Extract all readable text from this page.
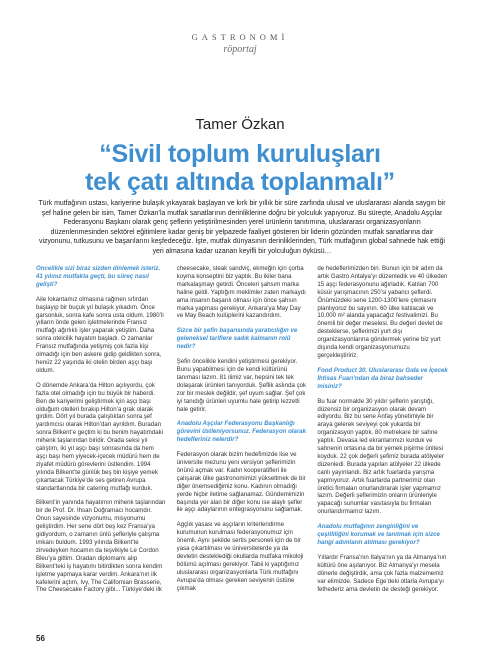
GASTRONOMİ
röportaj
Tamer Özkan
“Sivil toplum kuruluşları
tek çatı altında toplanmalı”
Türk mutfağının ustası, kariyerine bulaşık yıkayarak başlayan ve kırk bir yıllık bir süre zarfında ulusal ve uluslararası alanda saygın bir şef haline gelen bir isim, Tamer Özkan’la mutfak sanatlarının derinliklerine doğru bir yolculuk yapıyoruz. Bu süreçte, Anadolu Aşçılar Federasyonu Başkanı olarak genç şeflerin yetiştirilmesinden yerel ürünlerin tanıtımına, uluslararası organizasyonların düzenlenmesinden sektörel eğitimlere kadar geniş bir yelpazede faaliyet gösteren bir liderin gözünden mutfak sanatlarına dair vizyonunu, tutkusunu ve başarılarını keşfedeceğiz. İşte, mutfak dünyasının derinliklerinden, Türk mutfağının global sahnede hak ettiği yeri almasına kadar uzanan keyifli bir yolculuğun öyküsü…

Öncelikle sizi biraz sizden dinlemek isteriz. 41 yılınız mutfakta geçti, bu süreç nasıl gelişti?

Aile lokantamız olmasına rağmen sıfırdan başlayıp bir buçuk yıl bulaşık yıkadım. Önce garsonluk, sonra kafe sonra usta oldum. 1980’li yılların önde gelen işletmelerinde Fransız mutfağı ağırlıklı işler yaparak yetiştim. Daha sonra otelcilik hayatım başladı. O zamanlar Fransız mutfağında yetişmiş çok fazla kişi olmadığı için ben askere gidip geldikten sonra, henüz 22 yaşında iki otelin birden aşçı başı oldum.

O dönemde Ankara’da Hilton açılıyordu, çok fazla otel olmadığı için bu büyük bir haberdi. Ben de kariyerimi geliştirmek için aşçı başı olduğum otelleri bırakıp Hilton’a grak olarak girdim. Dört yıl burada çalıştıktan sonra şef yardımcısı olarak Hilton’dan ayrıldım. Buradan sonra Bilkent’e geçtim ki bu benim hayatımdaki mihenk taşlarından biridir. Orada seksi yıl çalıştım, iki yıl aşçı başı sonrasında da hem aşçı başı hem yiyecek-içecek müdürü hem de ziyafet müdürü görevlerini üstlendim. 1994 yılında Bilkent’te günlük beş bin kişiye yemek çıkartacak Türkiye’de ses getiren Avrupa standartlarında bir catering mutfağı kurduk.

Bilkent’in yanında hayatımın mihenk taşlarından bir de Prof. Dr. İhsan Doğramacı hocamdır. Onun sayesinde vizyonumu, misyonumu geliştirdim. Her sene dört beş kez Fransa’ya gidiyordum, o zamanın ünlü şefleriyle çalışma imkanı buldum. 1993 yılında Bilkent’te zirvedeyken hocamın da teşvikiyle Le Cordon Bleu’ya gittim. Oradan diplomamı alıp Bilkent’teki iş hayatımı bitirdikten sonra kendim işletme yapmaya karar verdim. Ankara’nın ilk kafelerini açtım, Ivy, The Californian Brasserie, The Cheesecake Factory gibi... Türkiye’deki ilk

cheesecake, steak sandviç, ekmeğin için çorba koyma konseptini biz yaptık. Bu ikiler bana markalaşmayı getirdi. Önceleri şahsım marka haline geldi. Yaptığım meklimler zaten markaydı ama insanın başarılı olması için önce şahsın marka yapması gerekiyor. Ankara’ya May Day ve May Beach kulüplerini kazandırdım.

Sizce bir şefin başarısında yaratıcılığın ve geleneksel tariflere sadık kalmanın rolü nedir?

Şefin öncelikle kendini yetiştirmesi gerekiyor. Bunu yapabilmesi için de kendi kültürünü tanıması lazım. 81 ilimiz var, hepsini tek tek dolaşarak ürünleri tanıyorduk. Şeflik aslında çok zor bir meslek değildir, şef uyum sağlar. Şef çok iyi tanıdığı ürünleri uyumlu hale getirip lezzetli hale getirir.

Anadolu Aşçılar Federasyonu Başkanlığı görevini üstleniyorsunuz. Federasyon olarak hedefleriniz nelerdir?

Federasyon olarak bizim hedefimizde lise ve üniversite mezunu yeni versiyon şeflerimizin önünü açmak var. Kadın kooperatifleri ile çalışarak ülke gastronomimizi yükseltmek de bir diğer önemsediğimiz konu. Kadının olmadığı yerde hiçbir iletime sağlanamaz. Gündemimizin başında yer alan bir diğer konu ise alaylı şefler ile aşçı adaylarının entegrasyonunu sağlamak.

Agçlık yasası ve aşçıların kriterlendirme kurumunun kurulması federasyonumuz için önemli. Aynı şekilde sertis personeli için de bir yasa çıkartılması ve üniversitelerde ya da devletin desteklediği okullarda mutfaka mikoloji bölümü açılması gerekiyor. Tabii ki yaptığımız uluslararası organizasyonlarla Türk mutfağını Avrupa’da olması gereken seviyenin üstüne çıkmak

de hedeflerimizden biri. Bunun için bir adım da artık Gastro Antalya’yı düzenledik ve 40 ülkeden 15 aşçı federasyonunu ağırladık. Katılan 700 küsür yarışmacının 250’si yabancı şeflerdi. Önümüzdeki sene 1200-1300’lere çıkmasını planlıyoruz bu sayının. 60 ülke katılacak ve 10.000 m² alanda yapacağız festivalimizi. Bu önemli bir değer meselesi. Bu değeri devlet de desteklerse, şeflerimizi yurt dışı organizasyonlarına göndermek yerine biz yurt dışında kendi organizasyonumuzu gerçekleştiririz.

Food Product 30. Uluslararası Gıda ve İçecek İhtisas Fuarı’ndan da biraz bahseder misiniz?

Bu fuar normalde 30 yıldır şeflerin yarıştığı, düzensiz bir organizasyon olarak devam ediyordu. Biz bu sene Anfaş yönetimiyle bir araya gelerek seviyeyi çok yukarda bir organizasyon yaptık. 80 metrekare bir sahne yaptık. Devasa led ekranlarımızı kurduk ve sahnenin ortasına da bir yemek pişirme ünitesi koyduk. 22 çok değerli şefimiz burada atölyeler düzenledi. Burada yapılan atölyeler 22 ülkede canlı yayınlandı. Biz artık fuarlarda yarışma yapmıyoruz. Artık fuarlarda partnerimiz olan üretici firmaları onurlandırarak işler yapmamız lazım. Değerli şeflerimizin onların ürünleriyle yapacağı sunumlar vasıtasıyla bu firmaları onurlandırmamız lazım.

Anadolu mutfağının zenginliğini ve çeşitliliğini korumak ve tanıtmak için sizce hangi adımların atılması gerekiyor?

Yıllardır Fransa’nın Italya’nın ya da Almanya’nın kültürü öne aşılanıyor. Biz Almanya’yı mesela dönerle değiştirdik, ama çok fazla malzememiz var elimizde. Sadece Ege’deki otlarla Avrupa’yı fethederiz ama devletin de desteği gerekiyor.

56
